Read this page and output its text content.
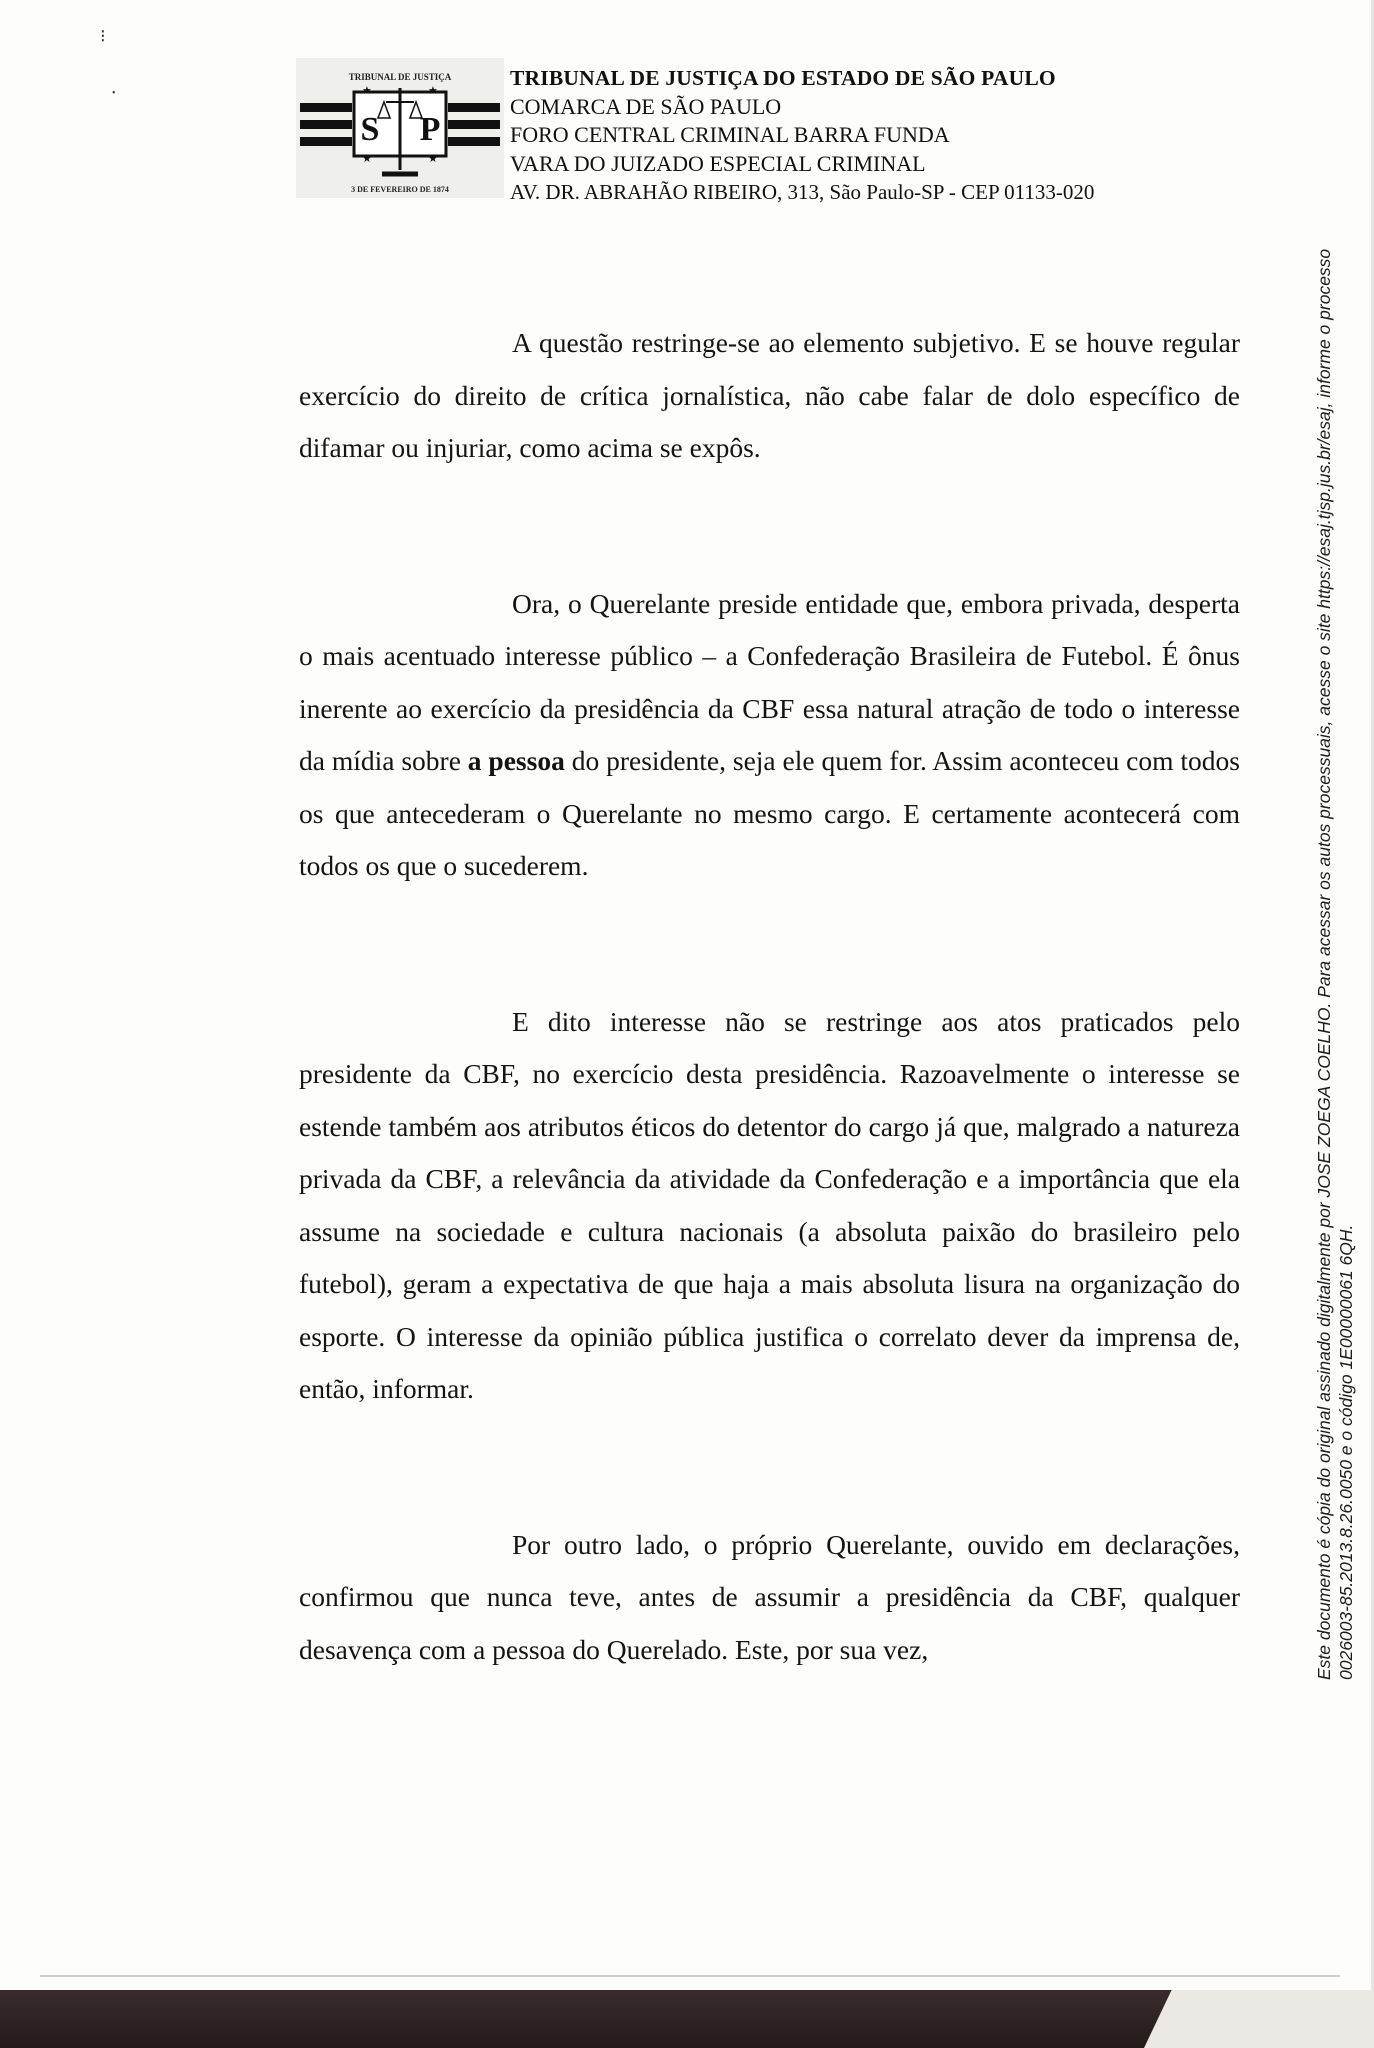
⁝
•
TRIBUNAL DE JUSTIÇA
S P
★	★
★	★
3 DE FEVEREIRO DE 1874
TRIBUNAL DE JUSTIÇA DO ESTADO DE SÃO PAULO
COMARCA DE SÃO PAULO
FORO CENTRAL CRIMINAL BARRA FUNDA
VARA DO JUIZADO ESPECIAL CRIMINAL
AV. DR. ABRAHÃO RIBEIRO, 313, São Paulo-SP - CEP 01133-020

A questão restringe-se ao elemento subjetivo. E se houve regular exercício do direito de crítica jornalística, não cabe falar de dolo específico de difamar ou injuriar, como acima se expôs.

Ora, o Querelante preside entidade que, embora privada, desperta o mais acentuado interesse público – a Confederação Brasileira de Futebol. É ônus inerente ao exercício da presidência da CBF essa natural atração de todo o interesse da mídia sobre a pessoa do presidente, seja ele quem for. Assim aconteceu com todos os que antecederam o Querelante no mesmo cargo. E certamente acontecerá com todos os que o sucederem.

E dito interesse não se restringe aos atos praticados pelo presidente da CBF, no exercício desta presidência. Razoavelmente o interesse se estende também aos atributos éticos do detentor do cargo já que, malgrado a natureza privada da CBF, a relevância da atividade da Confederação e a importância que ela assume na sociedade e cultura nacionais (a absoluta paixão do brasileiro pelo futebol), geram a expectativa de que haja a mais absoluta lisura na organização do esporte. O interesse da opinião pública justifica o correlato dever da imprensa de, então, informar.

Por outro lado, o próprio Querelante, ouvido em declarações, confirmou que nunca teve, antes de assumir a presidência da CBF, qualquer desavença com a pessoa do Querelado. Este, por sua vez,	Este documento é cópia do original assinado digitalmente por JOSE ZOEGA COELHO. Para acessar os autos processuais, acesse o site https://esaj.tjsp.jus.br/esaj, informe o processo 0026003-85.2013.8.26.0050 e o código 1E00000061 6QH.
